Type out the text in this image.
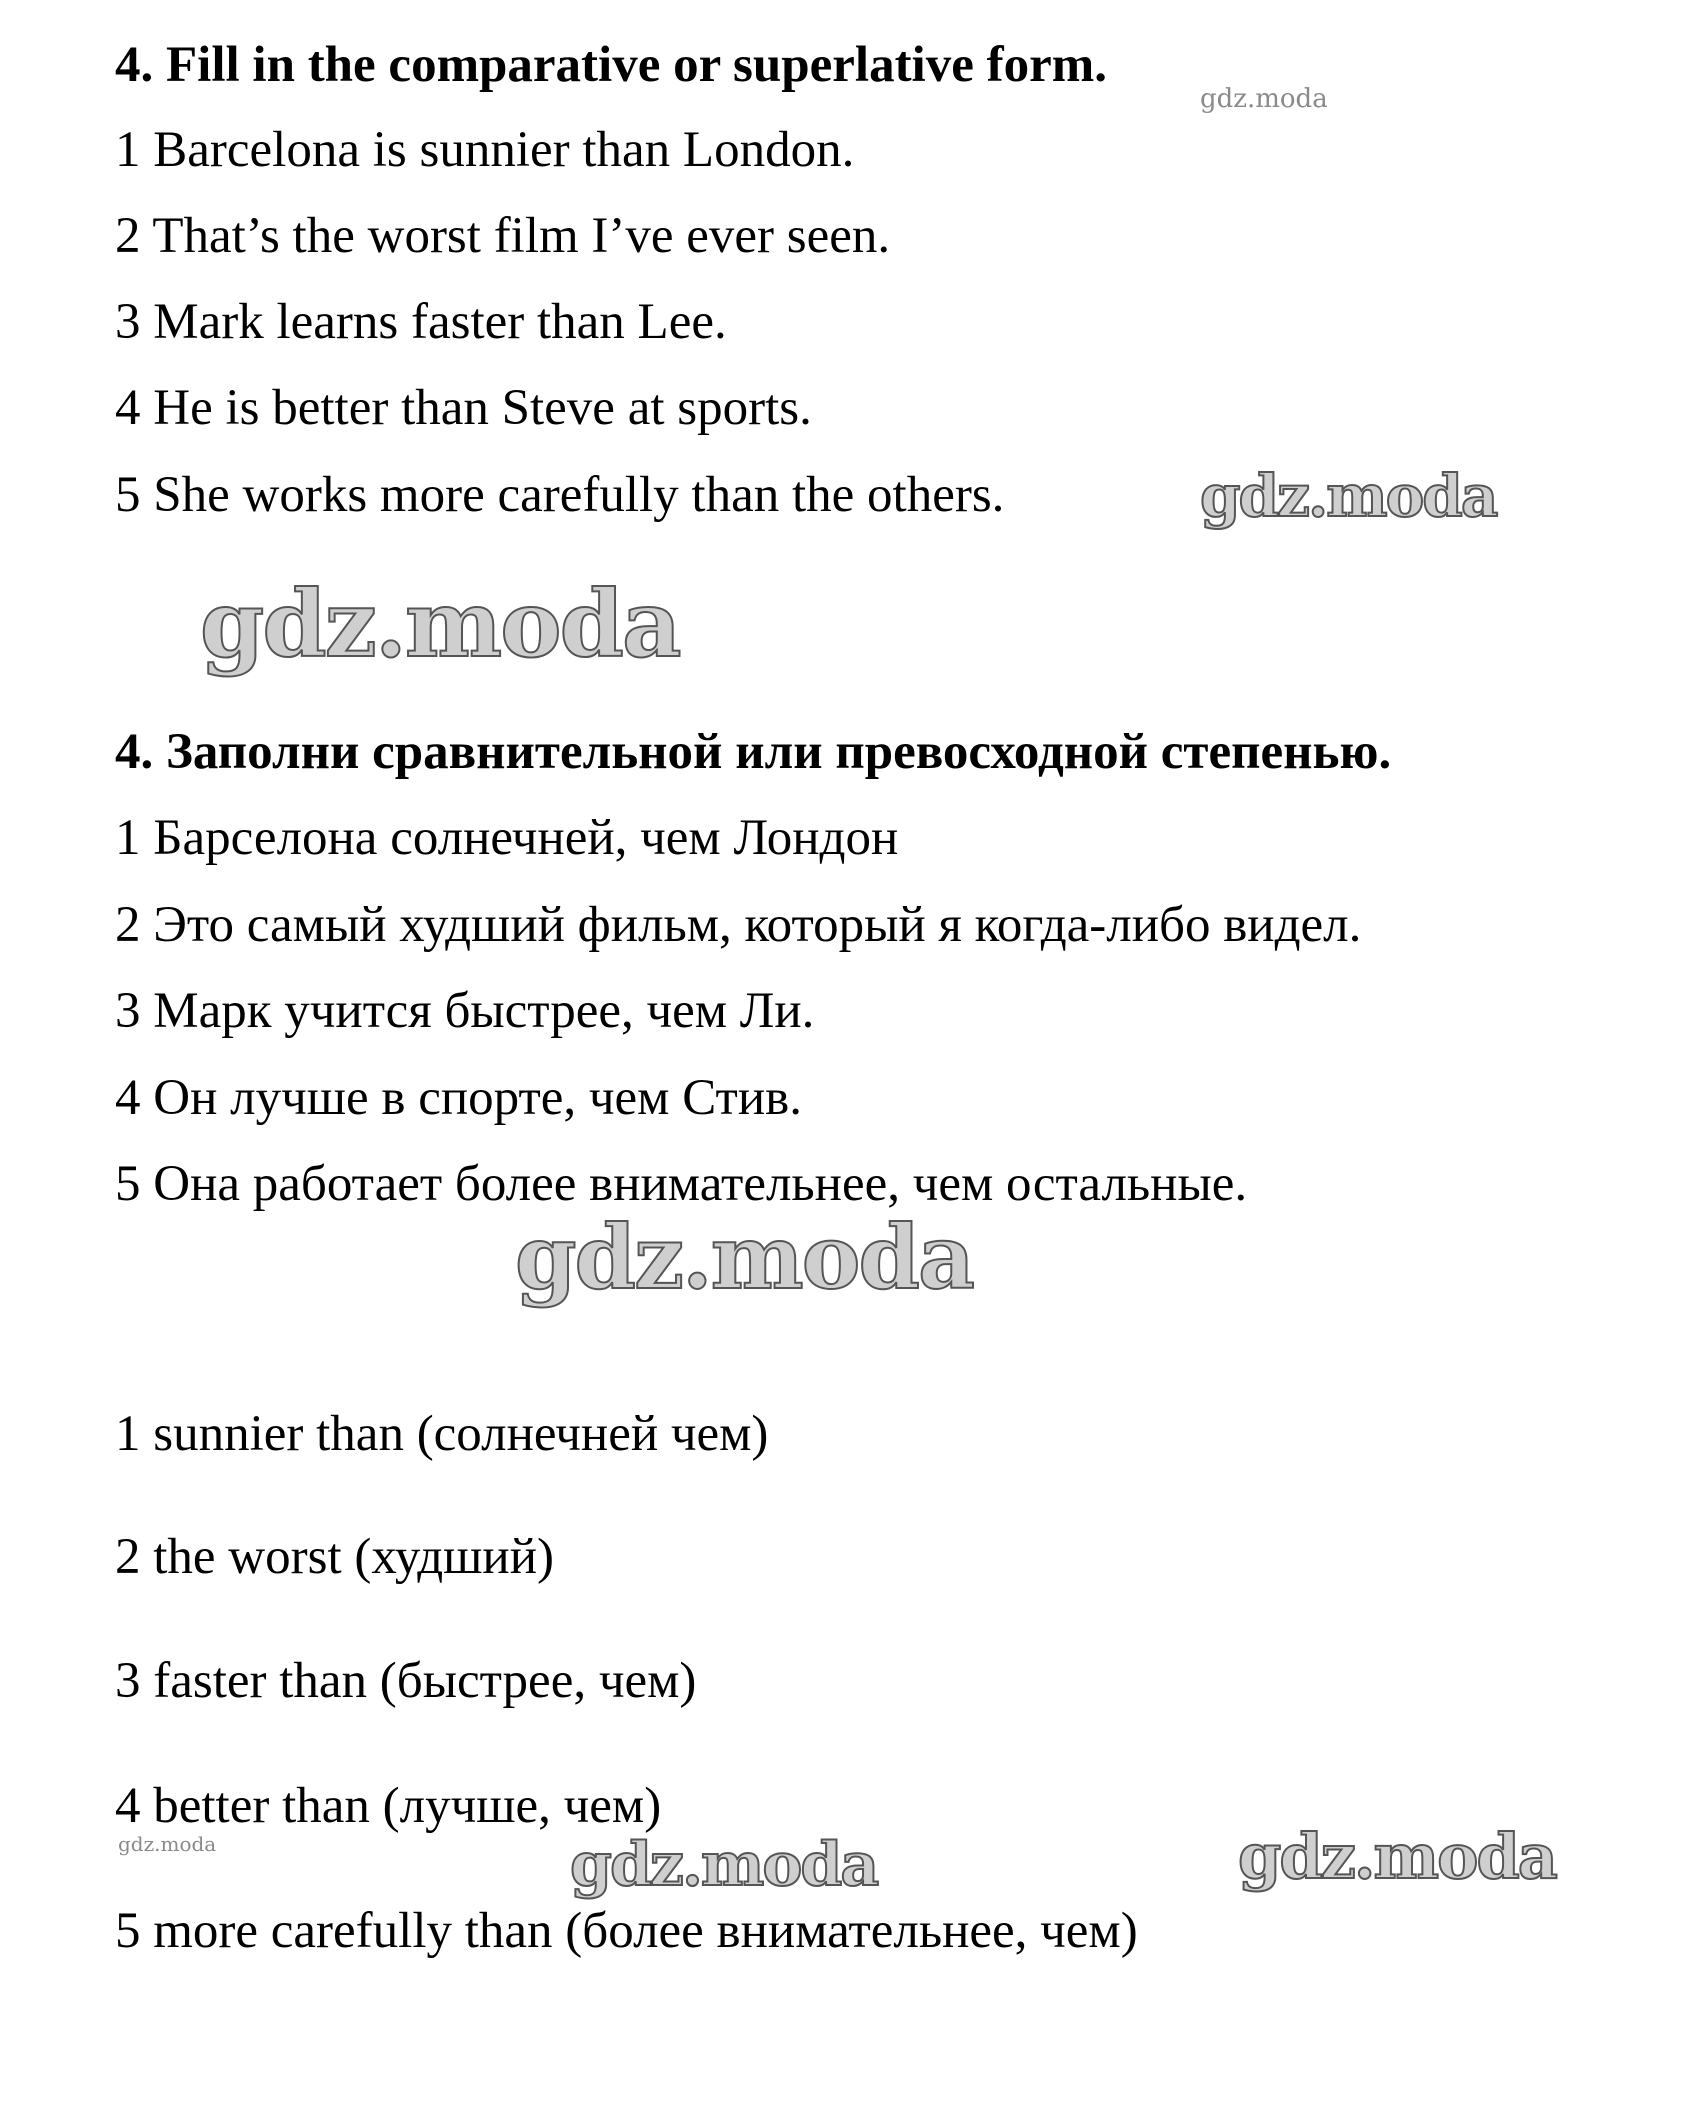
4. Fill in the comparative or superlative form.
1 Barcelona is sunnier than London.
2 That’s the worst film I’ve ever seen.
3 Mark learns faster than Lee.
4 He is better than Steve at sports.
5 She works more carefully than the others.
4. Заполни сравнительной или превосходной степенью.
1 Барселона солнечней, чем Лондон
2 Это самый худший фильм, который я когда-либо видел.
3 Марк учится быстрее, чем Ли.
4 Он лучше в спорте, чем Стив.
5 Она работает более внимательнее, чем остальные.
1 sunnier than (солнечней чем)
2 the worst (худший)
3 faster than (быстрее, чем)
4 better than (лучше, чем)
5 more carefully than (более внимательнее, чем)
gdz.moda
gdz.moda
gdz.moda
gdz.moda
gdz.moda	gdz.moda	gdz.moda
